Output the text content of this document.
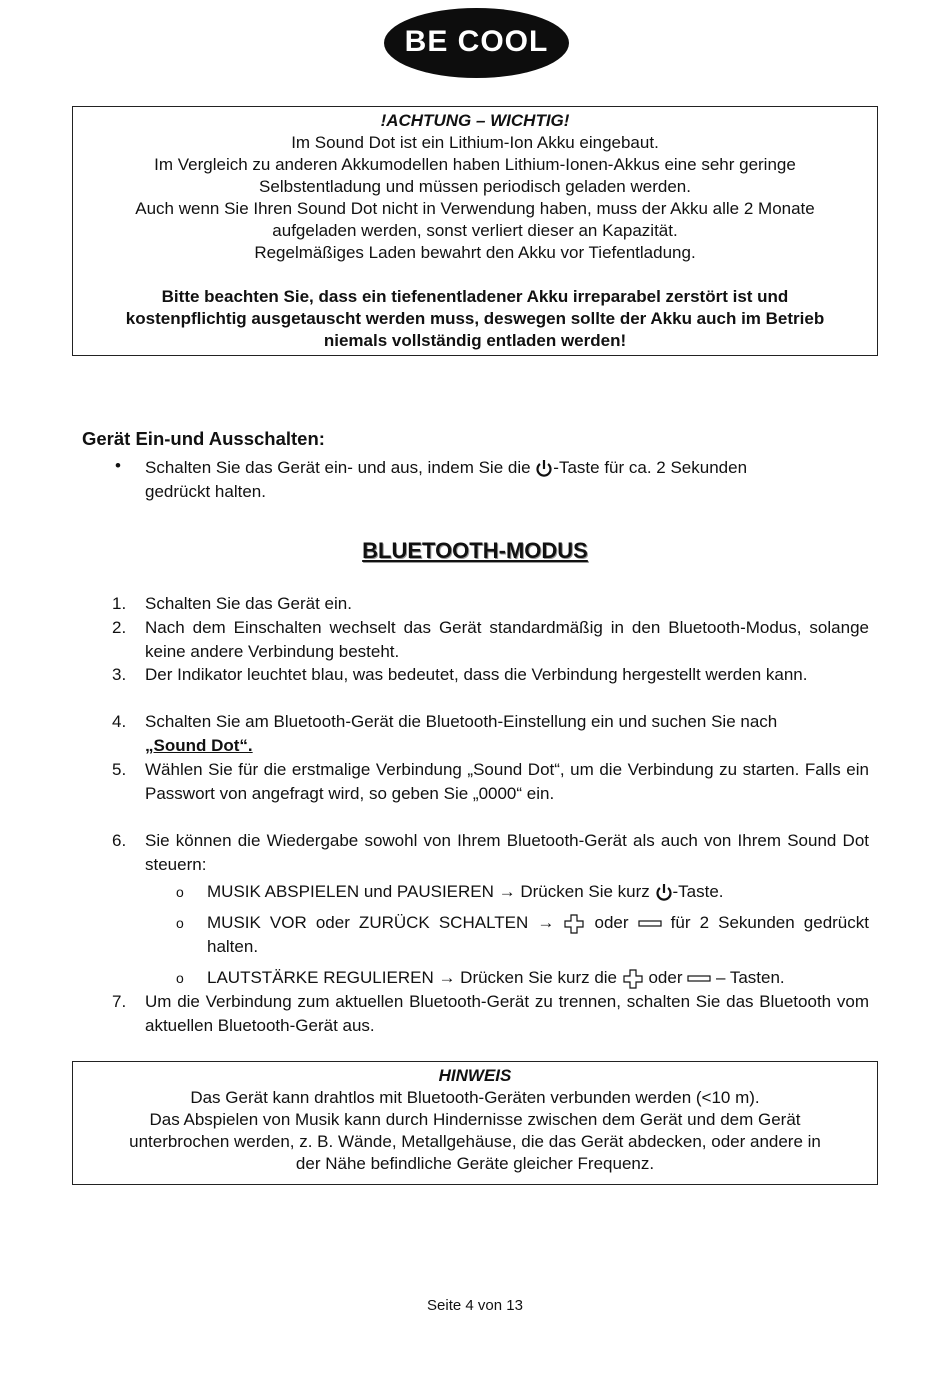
BE COOL

!ACHTUNG – WICHTIG!

Im Sound Dot ist ein Lithium-Ion Akku eingebaut.

Im Vergleich zu anderen Akkumodellen haben Lithium-Ionen-Akkus eine sehr geringe

Selbstentladung und müssen periodisch geladen werden.

Auch wenn Sie Ihren Sound Dot nicht in Verwendung haben, muss der Akku alle 2 Monate

aufgeladen werden, sonst verliert dieser an Kapazität.

Regelmäßiges Laden bewahrt den Akku vor Tiefentladung.

Bitte beachten Sie, dass ein tiefenentladener Akku irreparabel zerstört ist und

kostenpflichtig ausgetauscht werden muss, deswegen sollte der Akku auch im Betrieb

niemals vollständig entladen werden!

Gerät Ein-und Ausschalten:
• Schalten Sie das Gerät ein- und aus, indem Sie die -Taste für ca. 2 Sekunden
gedrückt halten.
BLUETOOTH-MODUS
1. Schalten Sie das Gerät ein.
2. Nach dem Einschalten wechselt das Gerät standardmäßig in den Bluetooth-Modus, solange keine andere Verbindung besteht.
3. Der Indikator leuchtet blau, was bedeutet, dass die Verbindung hergestellt werden kann.
4. Schalten Sie am Bluetooth-Gerät die Bluetooth-Einstellung ein und suchen Sie nach
„Sound Dot“.
5. Wählen Sie für die erstmalige Verbindung „Sound Dot“, um die Verbindung zu starten. Falls ein Passwort von angefragt wird, so geben Sie „0000“ ein.
6. Sie können die Wiedergabe sowohl von Ihrem Bluetooth-Gerät als auch von Ihrem Sound Dot steuern:
o MUSIK ABSPIELEN und PAUSIEREN → Drücken Sie kurz -Taste.
o MUSIK VOR oder ZURÜCK SCHALTEN →  oder  für 2 Sekunden gedrückt halten.
o LAUTSTÄRKE REGULIEREN → Drücken Sie kurz die  oder  – Tasten.
7. Um die Verbindung zum aktuellen Bluetooth-Gerät zu trennen, schalten Sie das Bluetooth vom aktuellen Bluetooth-Gerät aus.

HINWEIS

Das Gerät kann drahtlos mit Bluetooth-Geräten verbunden werden (<10 m).

Das Abspielen von Musik kann durch Hindernisse zwischen dem Gerät und dem Gerät

unterbrochen werden, z. B. Wände, Metallgehäuse, die das Gerät abdecken, oder andere in

der Nähe befindliche Geräte gleicher Frequenz.

Seite 4 von 13
